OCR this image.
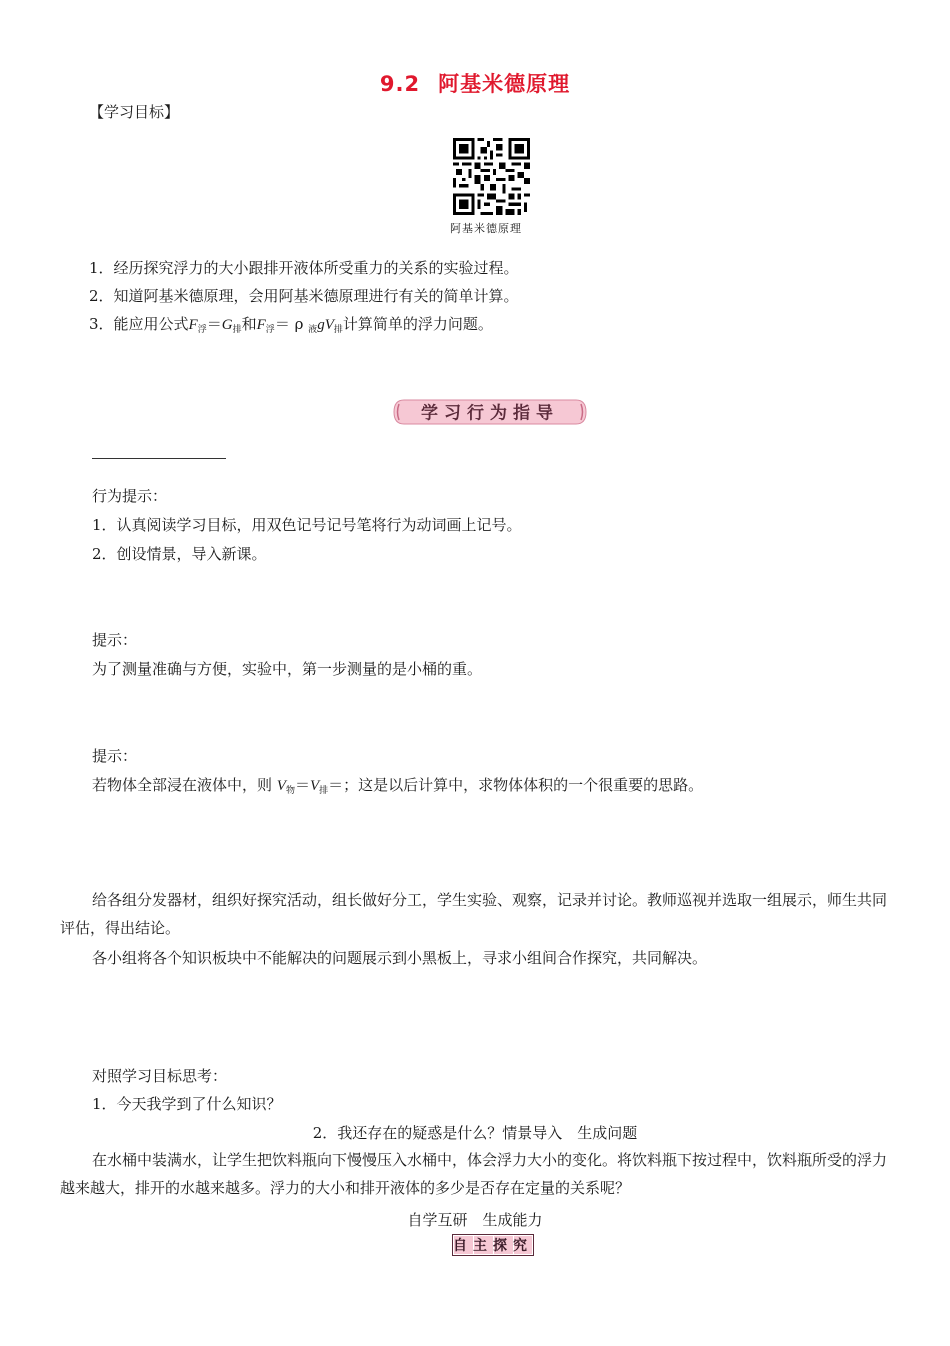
9.2 阿基米德原理
【学习目标】
阿基米德原理
1．经历探究浮力的大小跟排开液体所受重力的关系的实验过程。
2．知道阿基米德原理，会用阿基米德原理进行有关的简单计算。
3．能应用公式$F_浮=G_排$和$F_浮= \rho$ $_液gV_排$计算简单的浮力问题。
学习行为指导
行为提示：
1．认真阅读学习目标，用双色记号记号笔将行为动词画上记号。
2．创设情景，导入新课。
提示：
为了测量准确与方便，实验中，第一步测量的是小桶的重。
提示：
若物体全部浸在液体中，则 $V_物=V_排=$；这是以后计算中，求物体体积的一个很重要的思路。
给各组分发器材，组织好探究活动，组长做好分工，学生实验、观察，记录并讨论。教师巡视并选取一组展示，师生共同评估，得出结论。
各小组将各个知识板块中不能解决的问题展示到小黑板上，寻求小组间合作探究，共同解决。
对照学习目标思考：
1．今天我学到了什么知识？
2．我还存在的疑惑是什么？情景导入　生成问题
在水桶中装满水，让学生把饮料瓶向下慢慢压入水桶中，体会浮力大小的变化。将饮料瓶下按过程中，饮料瓶所受的浮力越来越大，排开的水越来越多。浮力的大小和排开液体的多少是否存在定量的关系呢？
自学互研　生成能力
自主探究
